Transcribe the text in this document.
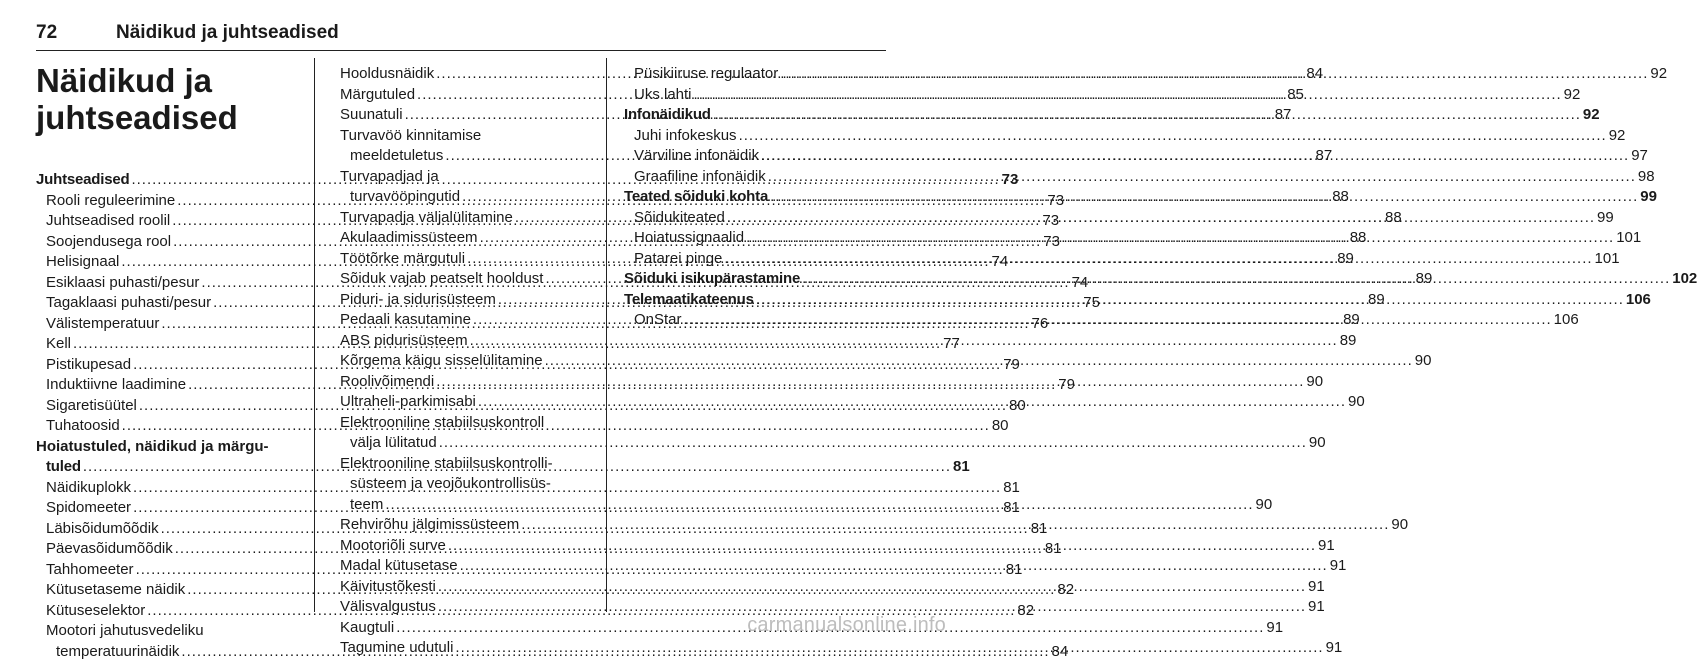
72	Näidikud ja juhtseadised
Näidikud ja juhtseadised
Juhtseadised .....	73
Rooli reguleerimine .....	73
Juhtseadised roolil .....	73
Soojendusega rool .....	73
Helisignaal .....	74
Esiklaasi puhasti/pesur .....	74
Tagaklaasi puhasti/pesur .....	75
Välistemperatuur .....	76
Kell .....	77
Pistikupesad .....	79
Induktiivne laadimine .....	79
Sigaretisüütel .....	80
Tuhatoosid .....	80
Hoiatustuled, näidikud ja märgu-
tuled .....	81
Näidikuplokk .....	81
Spidomeeter .....	81
Läbisõidumõõdik .....	81
Päevasõidumõõdik .....	81
Tahhomeeter .....	81
Kütusetaseme näidik .....	82
Kütuseselektor .....	82
Mootori jahutusvedeliku
temperatuurinäidik .....	84
Hooldusnäidik .....	84
Märgutuled .....	85
Suunatuli .....	87
Turvavöö kinnitamise
meeldetuletus .....	87
Turvapadjad ja
turvavööpingutid .....	88
Turvapadja väljalülitamine .....	88
Akulaadimissüsteem .....	88
Töötõrke märgutuli .....	89
Sõiduk vajab peatselt hooldust .....	89
Piduri- ja sidurisüsteem .....	89
Pedaali kasutamine .....	89
ABS pidurisüsteem .....	89
Kõrgema käigu sisselülitamine .....	90
Roolivõimendi .....	90
Ultraheli-parkimisabi .....	90
Elektrooniline stabiilsuskontroll
välja lülitatud .....	90
Elektrooniline stabiilsuskontrolli-
süsteem ja veojõukontrollisüs-
teem .....	90
Rehvirõhu jälgimissüsteem .....	90
Mootoriõli surve .....	91
Madal kütusetase .....	91
Käivitustõkesti .....	91
Välisvalgustus .....	91
Kaugtuli .....	91
Tagumine udutuli .....	91
Püsikiiruse regulaator .....	92
Uks lahti .....	92
Infonäidikud .....	92
Juhi infokeskus .....	92
Värviline infonäidik .....	97
Graafiline infonäidik .....	98
Teated sõiduki kohta .....	99
Sõidukiteated .....	99
Hoiatussignaalid .....	101
Patarei pinge .....	101
Sõiduki isikupärastamine .....	102
Telemaatikateenus .....	106
OnStar .....	106
carmanualsonline.info
